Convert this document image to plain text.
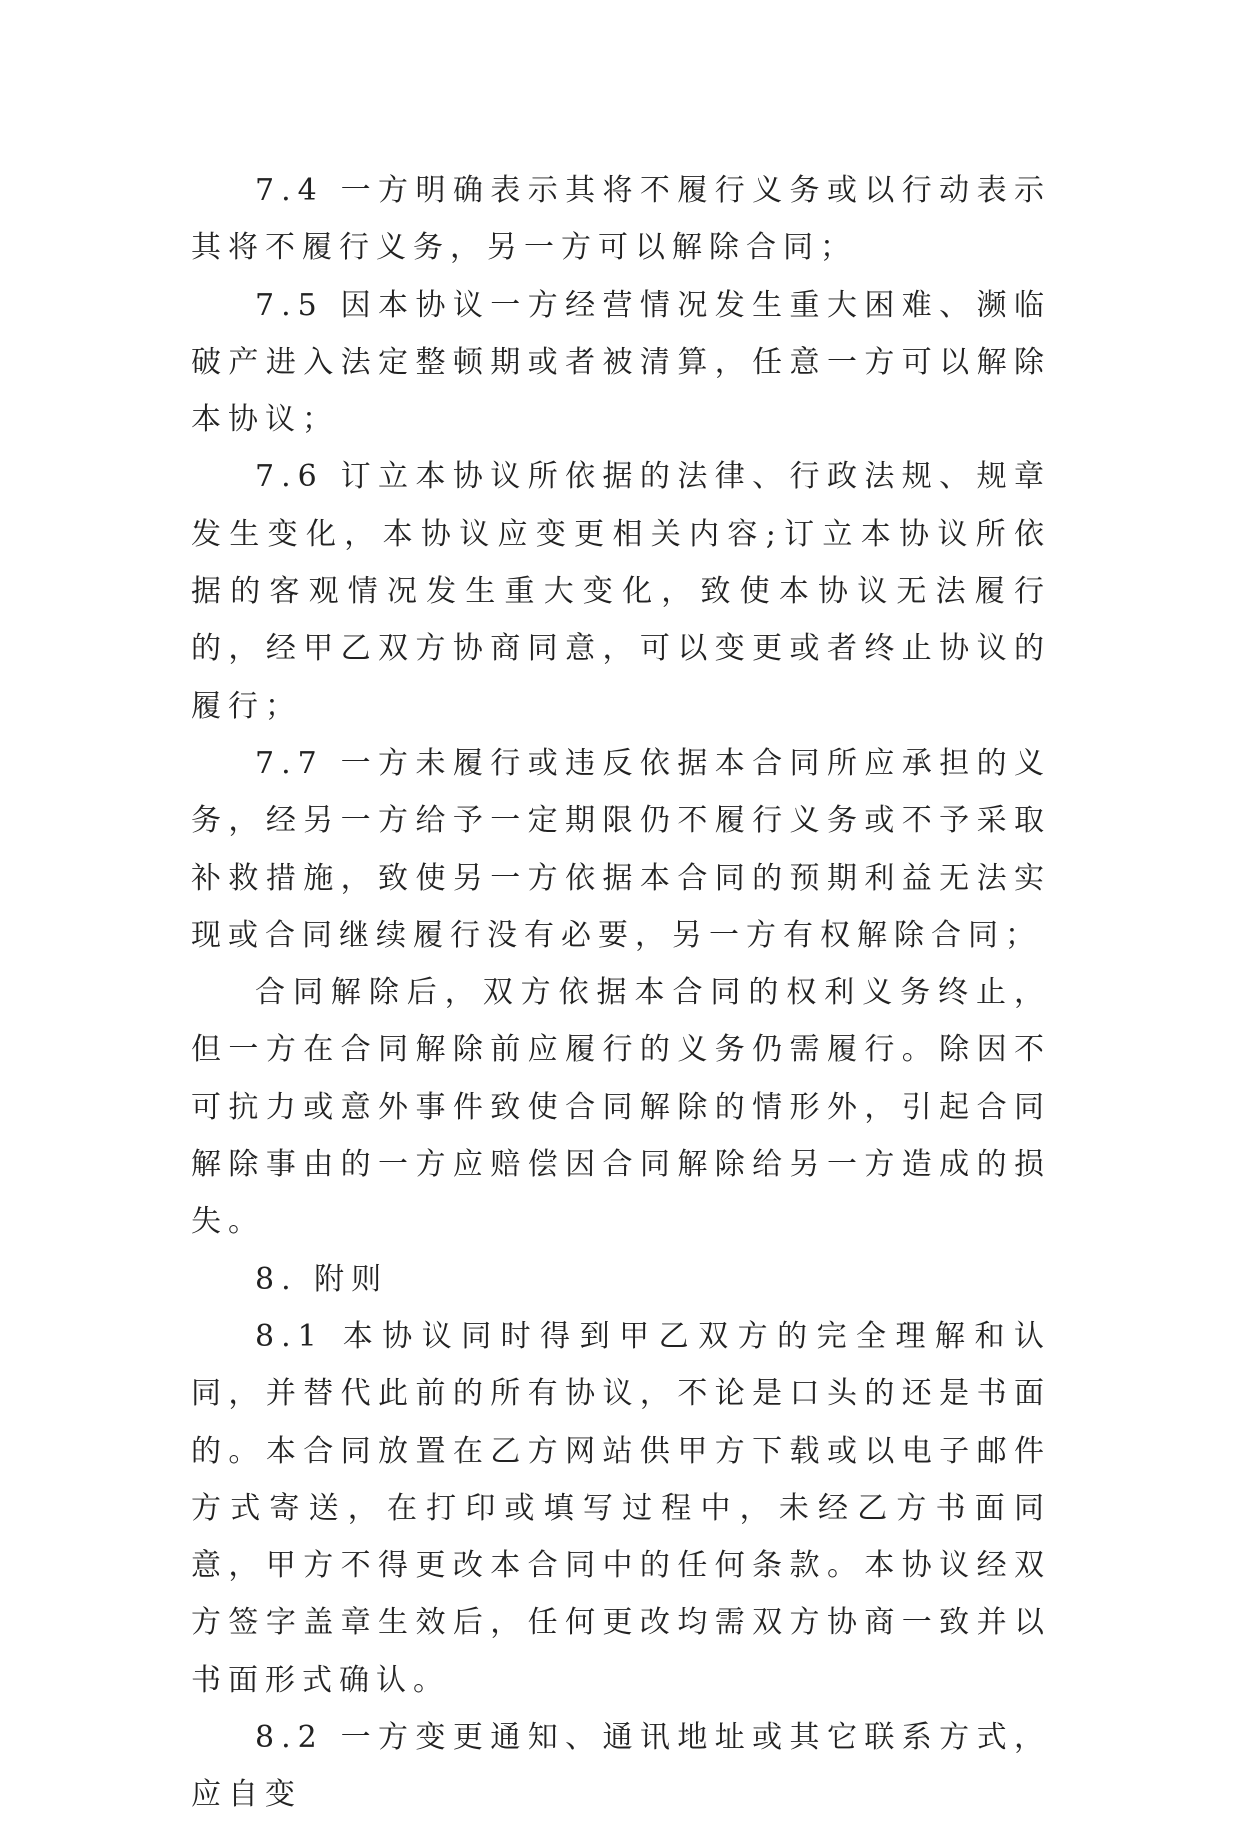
7.4 一方明确表示其将不履行义务或以行动表示其将不履行义务，另一方可以解除合同；

7.5 因本协议一方经营情况发生重大困难、濒临破产进入法定整顿期或者被清算，任意一方可以解除本协议；

7.6 订立本协议所依据的法律、行政法规、规章发生变化，本协议应变更相关内容;订立本协议所依据的客观情况发生重大变化，致使本协议无法履行的，经甲乙双方协商同意，可以变更或者终止协议的履行；

7.7 一方未履行或违反依据本合同所应承担的义务，经另一方给予一定期限仍不履行义务或不予采取补救措施，致使另一方依据本合同的预期利益无法实现或合同继续履行没有必要，另一方有权解除合同；

合同解除后，双方依据本合同的权利义务终止，但一方在合同解除前应履行的义务仍需履行。除因不可抗力或意外事件致使合同解除的情形外，引起合同解除事由的一方应赔偿因合同解除给另一方造成的损失。

8. 附则

8.1 本协议同时得到甲乙双方的完全理解和认同，并替代此前的所有协议，不论是口头的还是书面的。本合同放置在乙方网站供甲方下载或以电子邮件方式寄送，在打印或填写过程中，未经乙方书面同意，甲方不得更改本合同中的任何条款。本协议经双方签字盖章生效后，任何更改均需双方协商一致并以书面形式确认。

8.2 一方变更通知、通讯地址或其它联系方式，应自变
